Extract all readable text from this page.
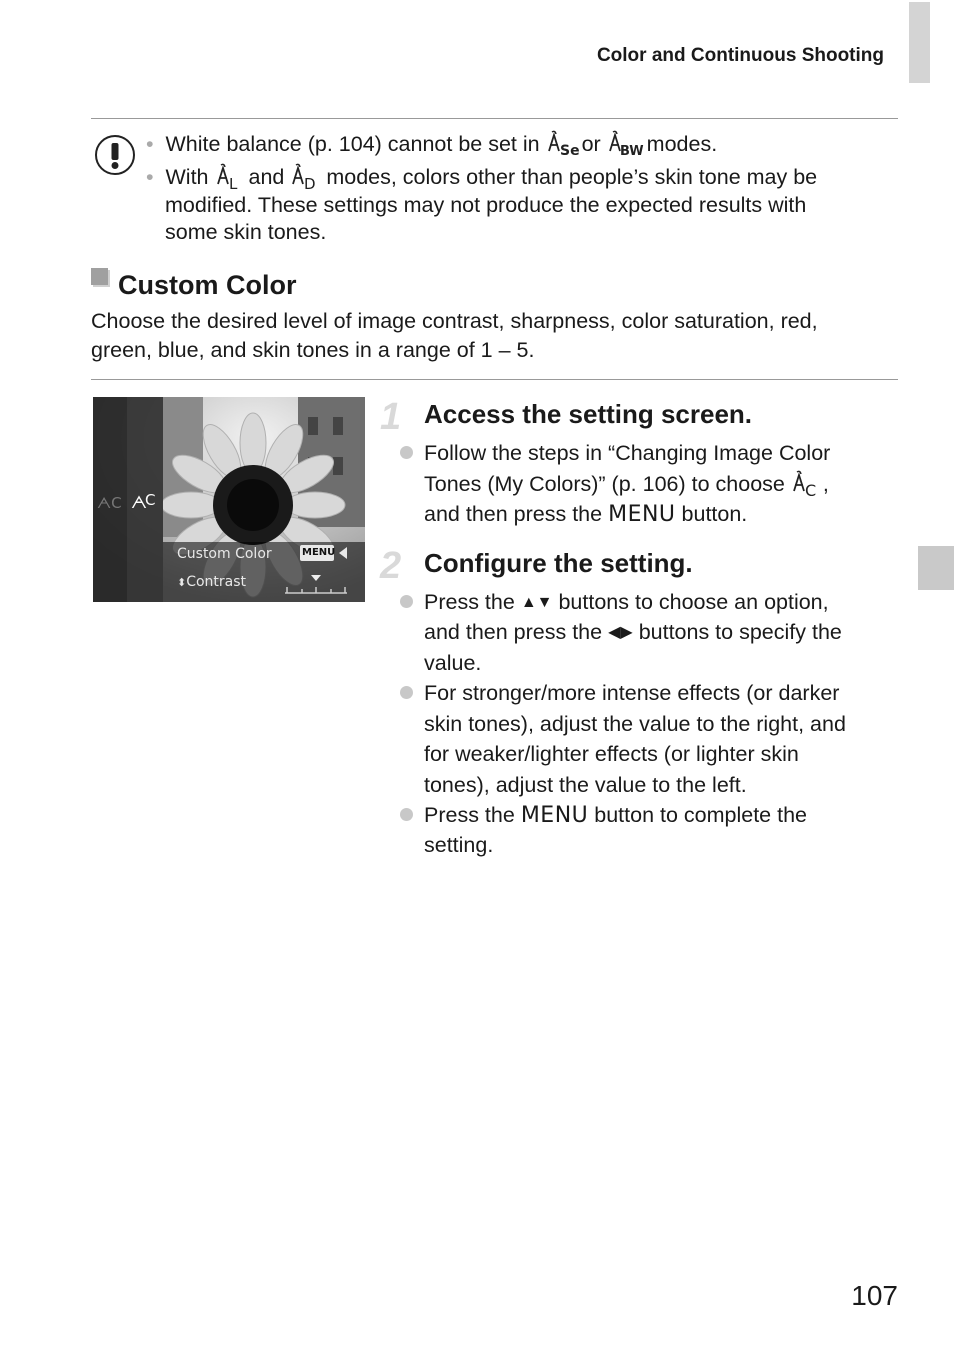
Color and Continuous Shooting
• White balance (p. 104) cannot be set in Se or BW modes.
• With L and D modes, colors other than people’s skin tone may be
modified. These settings may not produce the expected results with
some skin tones.
Custom Color
Choose the desired level of image contrast, sharpness, color saturation, red,
green, blue, and skin tones in a range of 1 – 5.
ᗅC ᗅ
Custom Color	MENU
⬍Contrast
C
1 Access the setting screen.
Follow the steps in “Changing Image Color
Tones (My Colors)” (p. 106) to choose C ,
and then press the MENU button.
2 Configure the setting.
Press the ▲▼ buttons to choose an option,
and then press the ◀▶ buttons to specify the
value.
For stronger/more intense effects (or darker
skin tones), adjust the value to the right, and
for weaker/lighter effects (or lighter skin
tones), adjust the value to the left.
Press the MENU button to complete the
setting.
107
